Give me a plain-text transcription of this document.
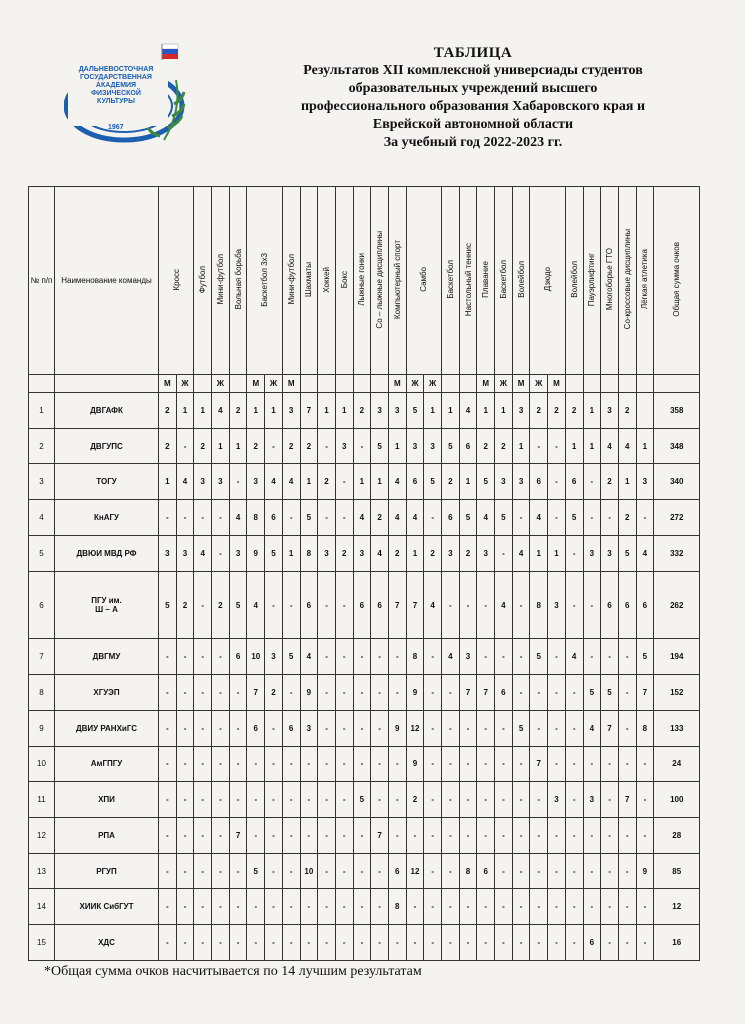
ДАЛЬНЕВОСТОЧНАЯ
ГОСУДАРСТВЕННАЯ
АКАДЕМИЯ
ФИЗИЧЕСКОЙ
КУЛЬТУРЫ
1967
ТАБЛИЦА
Результатов XII комплексной универсиады студентов
образовательных учреждений высшего
профессионального образования Хабаровского края и
Еврейской автономной области
За учебный год 2022-2023 гг.
№ п/п	Наименование команды	Кросс		Футбол	Мини-футбол	Вольная борьба	Баскетбол 3х3		Мини-футбол	Шахматы	Хоккей	Бокс	Лыжные гонки	Со – лыжные дисциплины	Компьютерный спорт	Самбо		Баскетбол	Настольный теннис	Плавание	Баскетбол	Волейбол	Дзюдо		Волейбол	Пауэрлифтинг	Многоборье ГТО	Со-кроссовые дисциплины	Лёгкая атлетика	Общая сумма очков
		М	Ж		Ж		М	Ж	М						М	Ж	Ж			М	Ж	М	Ж	М						
1	ДВГАФК	2	1	1	4	2	1	1	3	7	1	1	2	3	3	5	1	1	4	1	1	3	2	2	2	1	3	2		358
2	ДВГУПС	2	-	2	1	1	2	-	2	2	-	3	-	5	1	3	3	5	6	2	2	1	-	-	1	1	4	4	1	348
3	ТОГУ	1	4	3	3	-	3	4	4	1	2	-	1	1	4	6	5	2	1	5	3	3	6	-	6	-	2	1	3	340
4	КнАГУ	-	-	-	-	4	8	6	-	5	-	-	4	2	4	4	-	6	5	4	5	-	4	-	5	-	-	2	-	272
5	ДВЮИ МВД РФ	3	3	4	-	3	9	5	1	8	3	2	3	4	2	1	2	3	2	3	-	4	1	1	-	3	3	5	4	332
6	ПГУ им.
Ш – А	5	2	-	2	5	4	-	-	6	-	-	6	6	7	7	4	-	-	-	4	-	8	3	-	-	6	6	6	262
7	ДВГМУ	-	-	-	-	6	10	3	5	4	-	-	-	-	-	8	-	4	3	-	-	-	5	-	4	-	-	-	5	194
8	ХГУЭП	-	-	-	-	-	7	2	-	9	-	-	-	-	-	9	-	-	7	7	6	-	-	-	-	5	5	-	7	152
9	ДВИУ РАНХиГС	-	-	-	-	-	6	-	6	3	-	-	-	-	9	12	-	-	-	-	-	5	-	-	-	4	7	-	8	133
10	АмГПГУ	-	-	-	-	-	-	-	-	-	-	-	-	-	-	9	-	-	-	-	-	-	7	-	-	-	-	-	-	24
11	ХПИ	-	-	-	-	-	-	-	-	-	-	-	5	-	-	2	-	-	-	-	-	-	-	3	-	3	-	7	-	100
12	РПА	-	-	-	-	7	-	-	-	-	-	-	-	7	-	-	-	-	-	-	-	-	-	-	-	-	-	-	-	28
13	РГУП	-	-	-	-	-	5	-	-	10	-	-	-	-	6	12	-	-	8	6	-	-	-	-	-	-	-	-	9	85
14	ХИИК СибГУТ	-	-	-	-	-	-	-	-	-	-	-	-	-	8	-	-	-	-	-	-	-	-	-	-	-	-	-	-	12
15	ХДС	-	-	-	-	-	-	-	-	-	-	-	-	-	-	-	-	-	-	-	-	-	-	-	-	6	-	-	-	16
*Общая сумма очков насчитывается по 14 лучшим результатам
